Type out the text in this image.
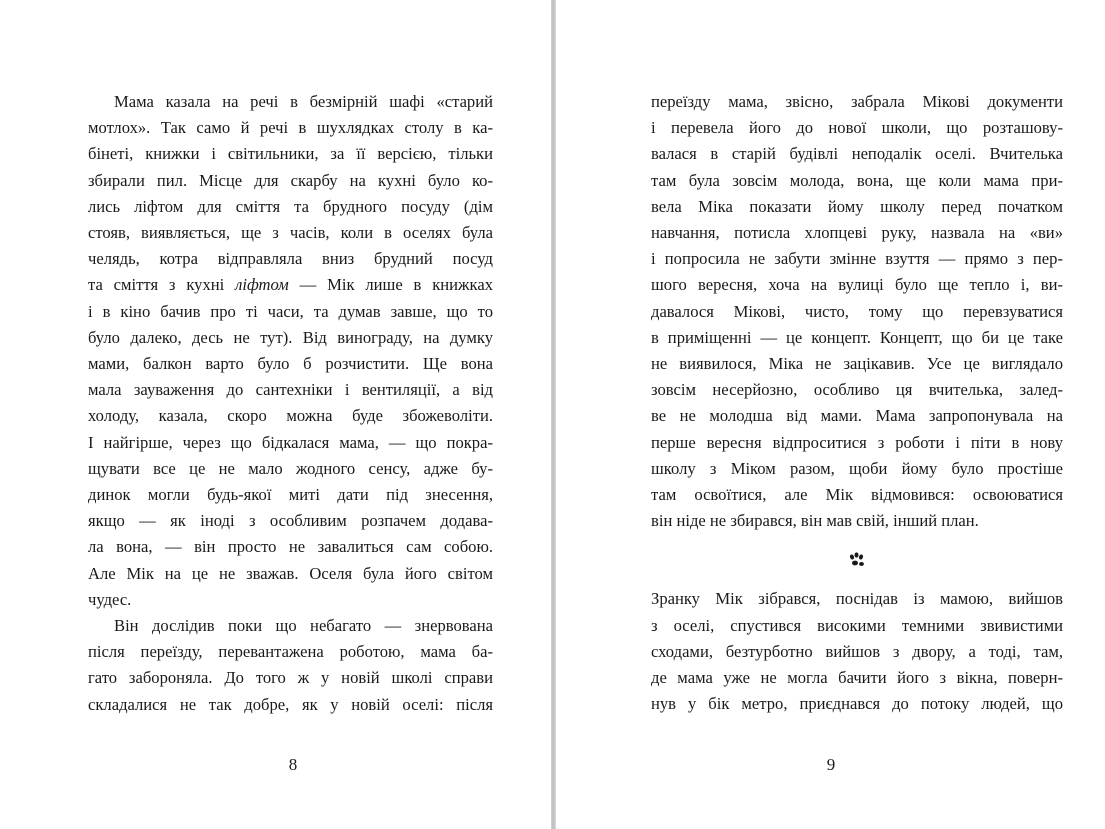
Мама казала на речі в безмірній шафі «старий
мотлох». Так само й речі в шухлядках столу в ка-
бінеті, книжки і світильники, за її версією, тільки
збирали пил. Місце для скарбу на кухні було ко-
лись ліфтом для сміття та брудного посуду (дім
стояв, виявляється, ще з часів, коли в оселях була
челядь, котра відправляла вниз брудний посуд
та сміття з кухні ліфтом — Мік лише в книжках
і в кіно бачив про ті часи, та думав завше, що то
було далеко, десь не тут). Від винограду, на думку
мами, балкон варто було б розчистити. Ще вона
мала зауваження до сантехніки і вентиляції, а від
холоду, казала, скоро можна буде збожеволіти.
І найгірше, через що бідкалася мама, — що покра-
щувати все це не мало жодного сенсу, адже бу-
динок могли будь-якої миті дати під знесення,
якщо — як іноді з особливим розпачем додава-
ла вона, — він просто не завалиться сам собою.
Але Мік на це не зважав. Оселя була його світом
чудес.
Він дослідив поки що небагато — знервована
після переїзду, перевантажена роботою, мама ба-
гато забороняла. До того ж у новій школі справи
складалися не так добре, як у новій оселі: після
8
переїзду мама, звісно, забрала Мікові документи
і перевела його до нової школи, що розташову-
валася в старій будівлі неподалік оселі. Вчителька
там була зовсім молода, вона, ще коли мама при-
вела Міка показати йому школу перед початком
навчання, потисла хлопцеві руку, назвала на «ви»
і попросила не забути змінне взуття — прямо з пер-
шого вересня, хоча на вулиці було ще тепло і, ви-
давалося Мікові, чисто, тому що перевзуватися
в приміщенні — це концепт. Концепт, що би це таке
не виявилося, Міка не зацікавив. Усе це виглядало
зовсім несерйозно, особливо ця вчителька, залед-
ве не молодша від мами. Мама запропонувала на
перше вересня відпроситися з роботи і піти в нову
школу з Міком разом, щоби йому було простіше
там освоїтися, але Мік відмовився: освоюватися
він ніде не збирався, він мав свій, інший план.
Зранку Мік зібрався, поснідав із мамою, вийшов
з оселі, спустився високими темними звивистими
сходами, безтурботно вийшов з двору, а тоді, там,
де мама уже не могла бачити його з вікна, поверн-
нув у бік метро, приєднався до потоку людей, що
9
